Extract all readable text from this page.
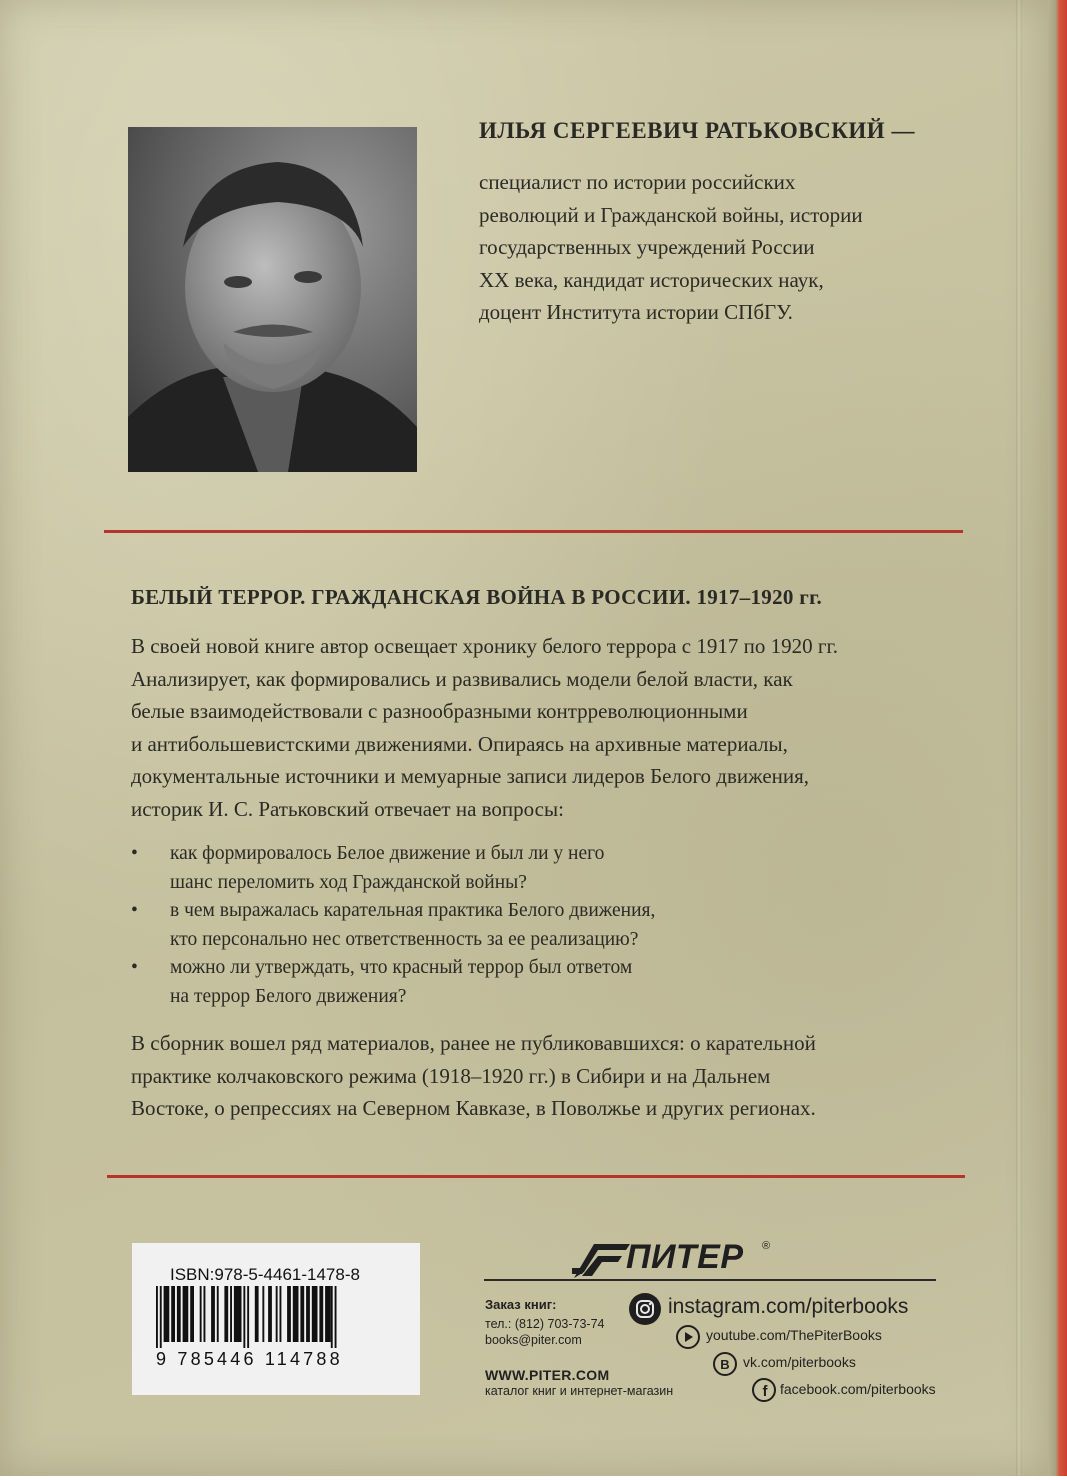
ИЛЬЯ СЕРГЕЕВИЧ РАТЬКОВСКИЙ —
специалист по истории российских
революций и Гражданской войны, истории
государственных учреждений России
XX века, кандидат исторических наук,
доцент Института истории СПбГУ.
БЕЛЫЙ ТЕРРОР. ГРАЖДАНСКАЯ ВОЙНА В РОССИИ. 1917–1920 гг.
В своей новой книге автор освещает хронику белого террора с 1917 по 1920 гг.
Анализирует, как формировались и развивались модели белой власти, как
белые взаимодействовали с разнообразными контрреволюционными
и антибольшевистскими движениями. Опираясь на архивные материалы,
документальные источники и мемуарные записи лидеров Белого движения,
историк И. С. Ратьковский отвечает на вопросы:
• как формировалось Белое движение и был ли у него
шанс переломить ход Гражданской войны?
• в чем выражалась карательная практика Белого движения,
кто персонально нес ответственность за ее реализацию?
• можно ли утверждать, что красный террор был ответом
на террор Белого движения?
В сборник вошел ряд материалов, ранее не публиковавшихся: о карательной
практике колчаковского режима (1918–1920 гг.) в Сибири и на Дальнем
Востоке, о репрессиях на Северном Кавказе, в Поволжье и других регионах.
ISBN:978-5-4461-1478-8
9 785446 114788
ПИТЕР ®
Заказ книг:
тел.: (812) 703-73-74
books@piter.com
WWW.PITER.COM
каталог книг и интернет-магазин
instagram.com/piterbooks
youtube.com/ThePiterBooks
В vk.com/piterbooks
f facebook.com/piterbooks
